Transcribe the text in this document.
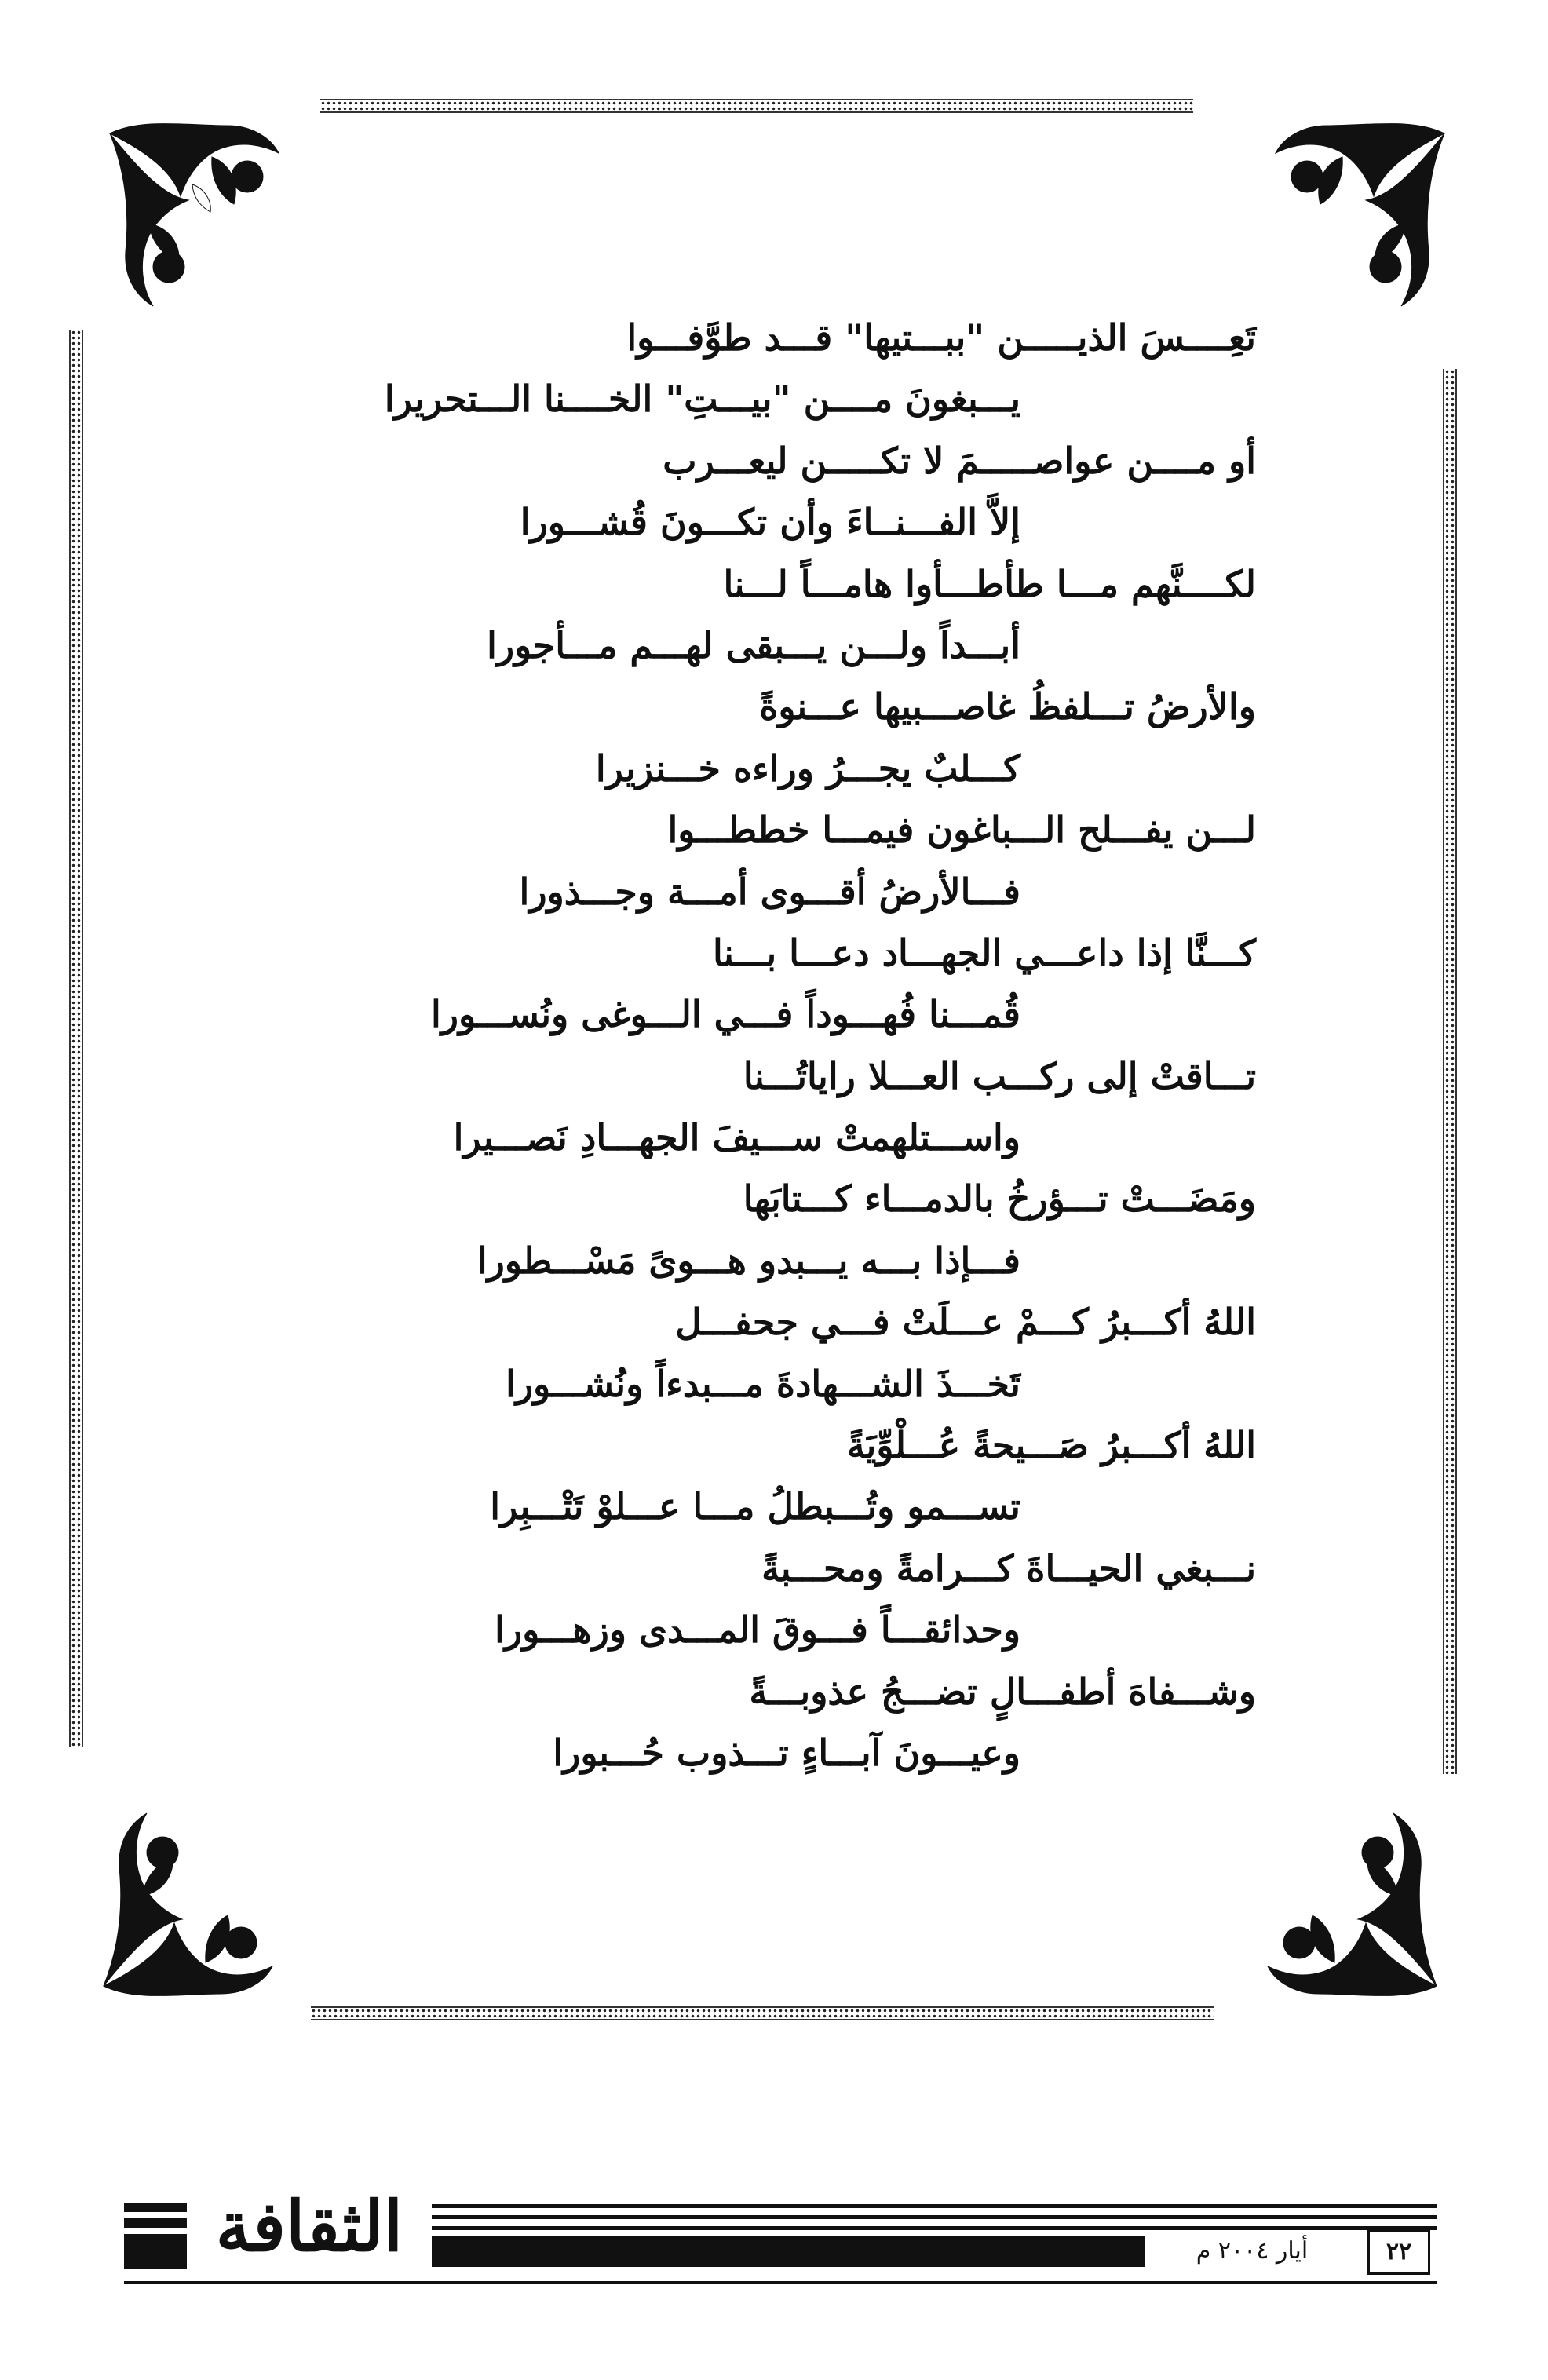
تَعِــــسَ الذيـــــن "ببـــتيها" قـــد طوَّفـــوا
يـــبغونَ مــــن "بيـــتِ" الخــــنا الـــتحريرا
أو مــــن عواصـــــمَ لا تكـــــن ليعـــرب
إلاَّ الفـــنــاءَ وأن تكـــونَ قُشـــورا
لكــــنَّهم مـــا طأطـــأوا هامـــاً لـــنا
أبـــداً ولـــن يـــبقى لهـــم مـــأجورا
والأرضُ تـــلفظُ غاصـــبيها عـــنوةً
كـــلبٌ يجـــرُ وراءه خـــنزيرا
لـــن يفـــلح الـــباغون فيمـــا خططـــوا
فـــالأرضُ أقـــوى أمـــة وجـــذورا
كـــنَّا إذا داعـــي الجهـــاد دعـــا بـــنا
قُمـــنا فُهـــوداً فـــي الـــوغى ونُســـورا
تـــاقتْ إلى ركـــب العـــلا راياتُـــنا
واســـتلهمتْ ســـيفَ الجهـــادِ نَصـــيرا
ومَضَـــتْ تـــؤرخُ بالدمـــاء كـــتابَها
فـــإذا بـــه يـــبدو هـــوىً مَسْـــطورا
اللهُ أكـــبرُ كـــمْ عـــلَتْ فـــي جحفـــل
تَخـــذَ الشـــهادةَ مـــبدءاً ونُشـــورا
اللهُ أكـــبرُ صَـــيحةً عُـــلْوِّيَةً
تســـمو وتُـــبطلُ مـــا عـــلوْ تَتْـــبِرا
نـــبغي الحيـــاةَ كـــرامةً ومحـــبةً
وحدائقـــاً فـــوقَ المـــدى وزهـــورا
وشـــفاهَ أطفـــالٍ تضـــجُ عذوبـــةً
وعيـــونَ آبـــاءٍ تـــذوب حُـــبورا
الثقافة	أيار ٢٠٠٤ م	٢٢
